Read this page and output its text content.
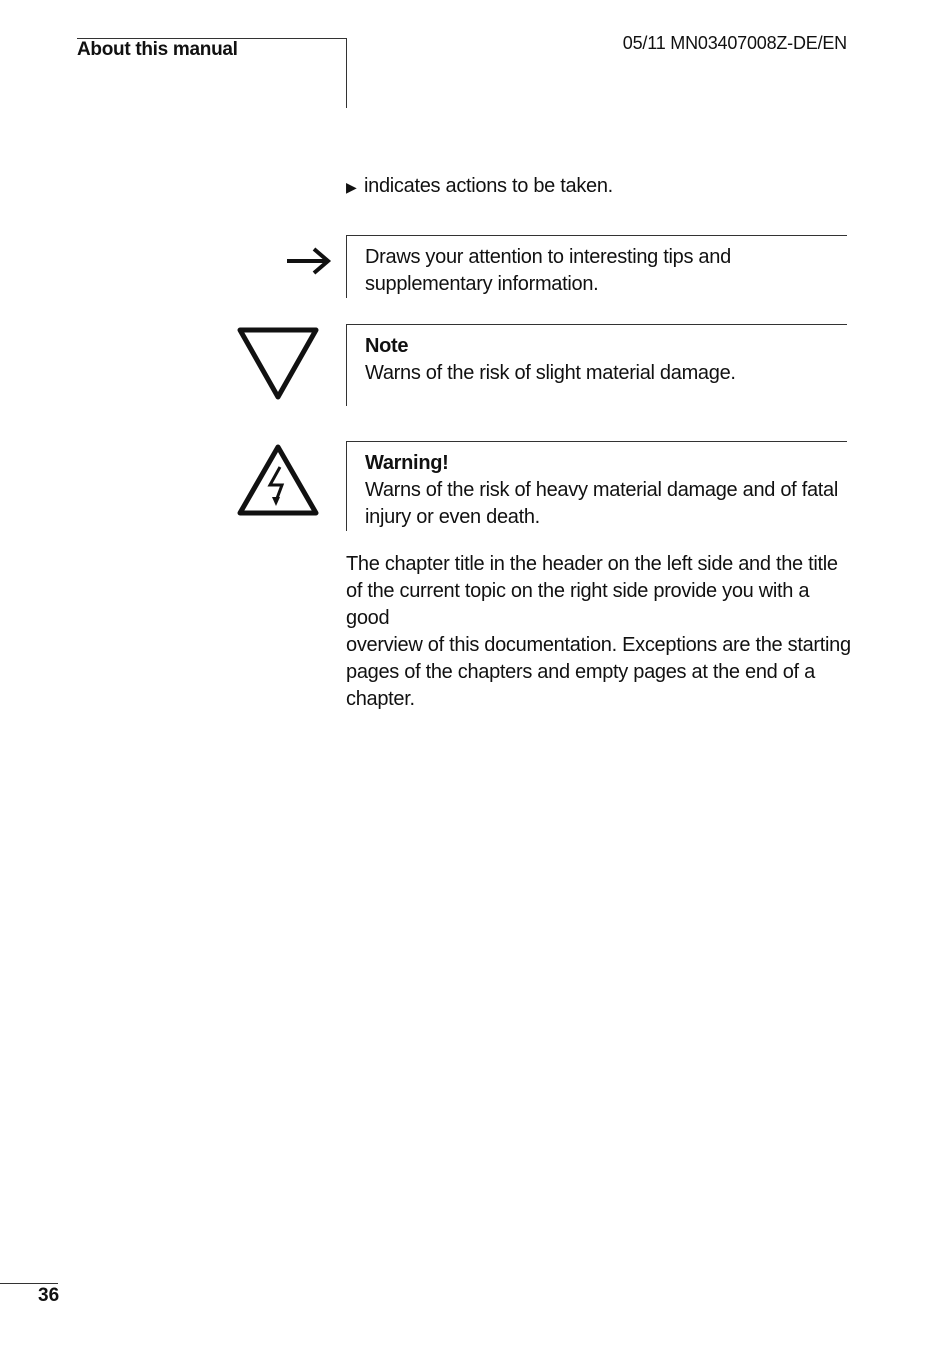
About this manual	05/11 MN03407008Z-DE/EN
▶ indicates actions to be taken.
Draws your attention to interesting tips and
supplementary information.
Note
Warns of the risk of slight material damage.
Warning!
Warns of the risk of heavy material damage and of fatal
injury or even death.
The chapter title in the header on the left side and the title
of the current topic on the right side provide you with a good
overview of this documentation. Exceptions are the starting
pages of the chapters and empty pages at the end of a
chapter.
36
